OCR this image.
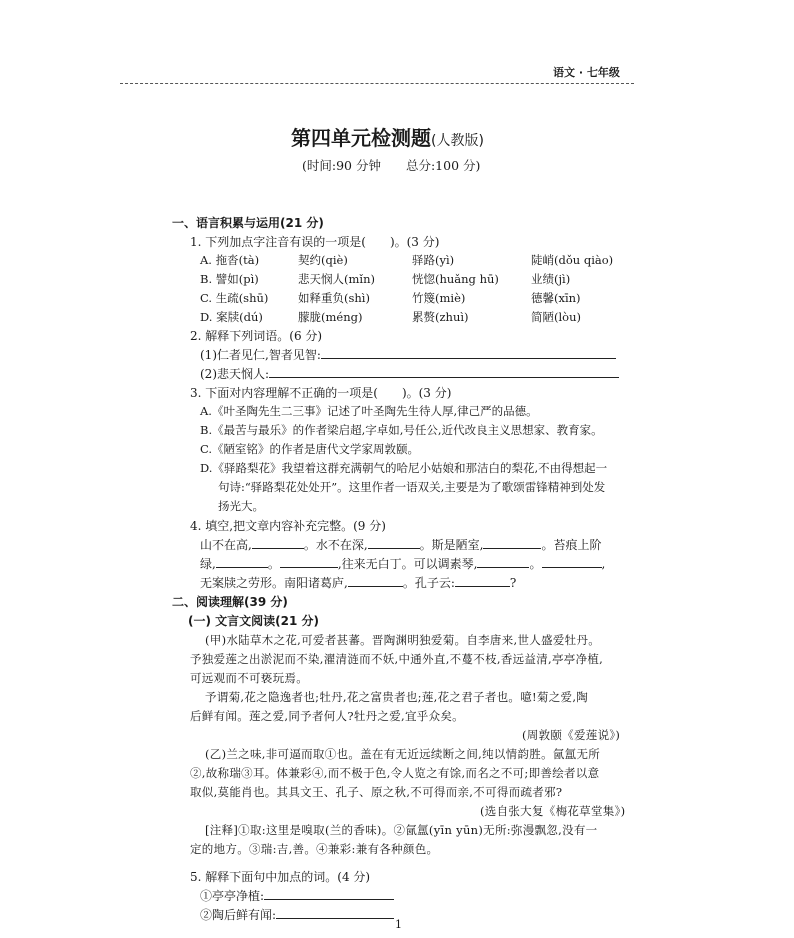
语文 · 七年级
第四单元检测题(人教版)
(时间:90 分钟　　总分:100 分)
一、语言积累与运用(21 分)
1. 下列加点字注音有误的一项是(　　)。(3 分)
A. 拖沓(tà)	契约(qiè)	驿路(yì)	陡峭(dǒu qiào)
B. 譬如(pì)	悲天悯人(mǐn)	恍惚(huǎng hū)	业绩(jì)
C. 生疏(shū)	如释重负(shì)	竹篾(miè)	德馨(xīn)
D. 案牍(dú)	朦胧(méng)	累赘(zhuì)	简陋(lòu)
2. 解释下列词语。(6 分)
(1)仁者见仁,智者见智:
(2)悲天悯人:
3. 下面对内容理解不正确的一项是(　　)。(3 分)
A.《叶圣陶先生二三事》记述了叶圣陶先生待人厚,律己严的品德。
B.《最苦与最乐》的作者梁启超,字卓如,号任公,近代改良主义思想家、教育家。
C.《陋室铭》的作者是唐代文学家周敦颐。
D.《驿路梨花》我望着这群充满朝气的哈尼小姑娘和那洁白的梨花,不由得想起一
句诗:“驿路梨花处处开”。这里作者一语双关,主要是为了歌颂雷锋精神到处发
扬光大。
4. 填空,把文章内容补充完整。(9 分)
山不在高,	。水不在深,	。斯是陋室,	。苔痕上阶
绿,	。	,往来无白丁。可以调素琴,	。	,
无案牍之劳形。南阳诸葛庐,	。孔子云:	?
二、阅读理解(39 分)
(一) 文言文阅读(21 分)
(甲)水陆草木之花,可爱者甚蕃。晋陶渊明独爱菊。自李唐来,世人盛爱牡丹。
予独爱莲之出淤泥而不染,濯清涟而不妖,中通外直,不蔓不枝,香远益清,亭亭净植,
可远观而不可亵玩焉。
予谓菊,花之隐逸者也;牡丹,花之富贵者也;莲,花之君子者也。噫!菊之爱,陶
后鲜有闻。莲之爱,同予者何人?牡丹之爱,宜乎众矣。
(周敦颐《爱莲说》)
(乙)兰之味,非可逼而取①也。盖在有无近远续断之间,纯以情韵胜。氤氲无所
②,故称瑞③耳。体兼彩④,而不极于色,令人览之有馀,而名之不可;即善绘者以意
取似,莫能肖也。其具文王、孔子、原之秋,不可得而亲,不可得而疏者邪?
(选自张大复《梅花草堂集》)
[注释]①取:这里是嗅取(兰的香味)。②氤氲(yīn yūn)无所:弥漫飘忽,没有一
定的地方。③瑞:吉,善。④兼彩:兼有各种颜色。
5. 解释下面句中加点的词。(4 分)
①亭亭净植:
②陶后鲜有闻:
1
